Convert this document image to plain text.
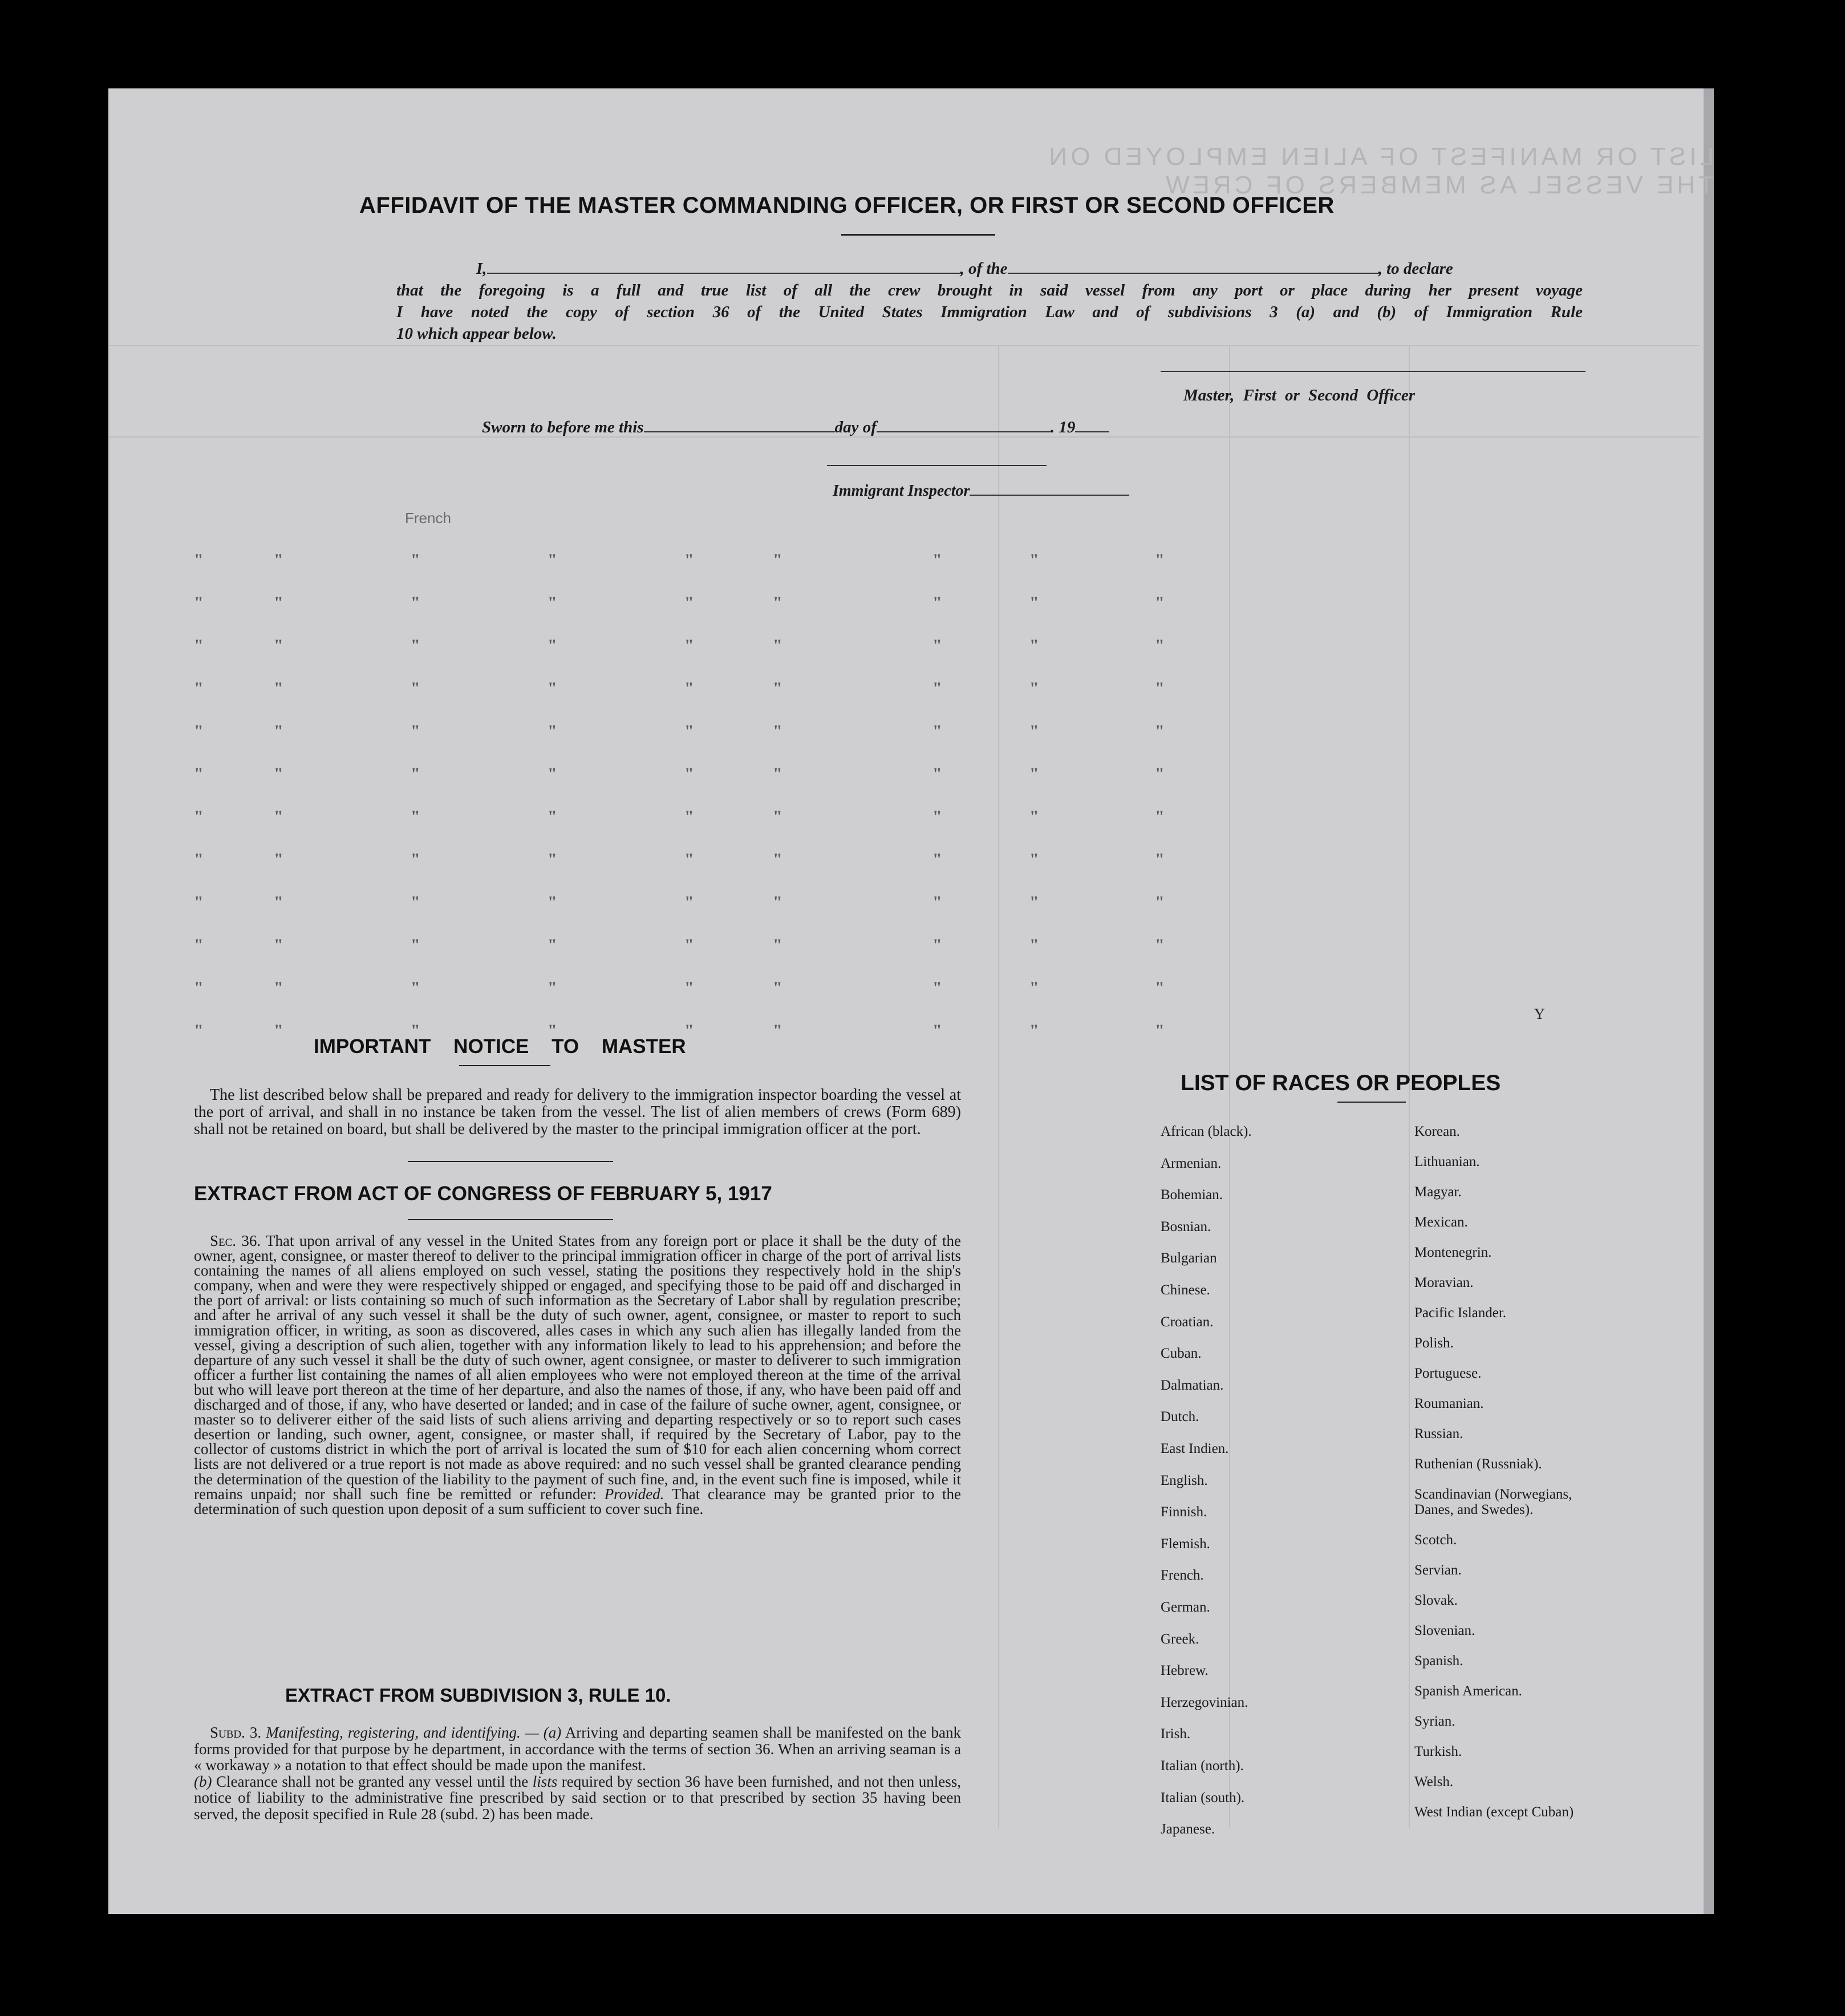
LIST OR MANIFEST OF ALIEN EMPLOYED ON THE VESSEL AS MEMBERS OF CREW
French
Y
"	"	"	"	"	"	"	"	"
"	"	"	"	"	"	"	"	"
"	"	"	"	"	"	"	"	"
"	"	"	"	"	"	"	"	"
"	"	"	"	"	"	"	"	"
"	"	"	"	"	"	"	"	"
"	"	"	"	"	"	"	"	"
"	"	"	"	"	"	"	"	"
"	"	"	"	"	"	"	"	"
"	"	"	"	"	"	"	"	"
"	"	"	"	"	"	"	"	"
"	"	"	"	"	"	"	"	"
AFFIDAVIT OF THE MASTER COMMANDING OFFICER, OR FIRST OR SECOND OFFICER
I,	, of the	, to declare
that the foregoing is a full and true list of all the crew brought in said vessel from any port or place during her present voyage
I have noted the copy of section 36 of the United States Immigration Law and of subdivisions 3 (a) and (b) of Immigration Rule
10 which appear below.
Master, First or Second Officer
Sworn to before me this	day of	. 19
Immigrant Inspector
IMPORTANT NOTICE TO MASTER
The list described below shall be prepared and ready for delivery to the immigration inspector boarding the vessel at the port of arrival, and shall in no instance be taken from the vessel. The list of alien members of crews (Form 689) shall not be retained on board, but shall be delivered by the master to the principal immigration officer at the port.
EXTRACT FROM ACT OF CONGRESS OF FEBRUARY 5, 1917
Sec. 36. That upon arrival of any vessel in the United States from any foreign port or place it shall be the duty of the owner, agent, consignee, or master thereof to deliver to the principal immigration officer in charge of the port of arrival lists containing the names of all aliens employed on such vessel, stating the positions they respectively hold in the ship's company, when and were they were respectively shipped or engaged, and specifying those to be paid off and discharged in the port of arrival: or lists containing so much of such information as the Secretary of Labor shall by regulation prescribe; and after he arrival of any such vessel it shall be the duty of such owner, agent, consignee, or master to report to such immigration officer, in writing, as soon as discovered, alles cases in which any such alien has illegally landed from the vessel, giving a description of such alien, together with any information likely to lead to his apprehension; and before the departure of any such vessel it shall be the duty of such owner, agent consignee, or master to deliverer to such immigration officer a further list containing the names of all alien employees who were not employed thereon at the time of the arrival but who will leave port thereon at the time of her departure, and also the names of those, if any, who have been paid off and discharged and of those, if any, who have deserted or landed; and in case of the failure of suche owner, agent, consignee, or master so to deliverer either of the said lists of such aliens arriving and departing respectively or so to report such cases desertion or landing, such owner, agent, consignee, or master shall, if required by the Secretary of Labor, pay to the collector of customs district in which the port of arrival is located the sum of $10 for each alien concerning whom correct lists are not delivered or a true report is not made as above required: and no such vessel shall be granted clearance pending the determination of the question of the liability to the payment of such fine, and, in the event such fine is imposed, while it remains unpaid; nor shall such fine be remitted or refunder: Provided. That clearance may be granted prior to the determination of such question upon deposit of a sum sufficient to cover such fine.
EXTRACT FROM SUBDIVISION 3, RULE 10.
Subd. 3. Manifesting, registering, and identifying. — (a) Arriving and departing seamen shall be manifested on the bank forms provided for that purpose by he department, in accordance with the terms of section 36. When an arriving seaman is a « workaway » a notation to that effect should be made upon the manifest.
(b) Clearance shall not be granted any vessel until the lists required by section 36 have been furnished, and not then unless, notice of liability to the administrative fine prescribed by said section or to that prescribed by section 35 having been served, the deposit specified in Rule 28 (subd. 2) has been made.
LIST OF RACES OR PEOPLES
African (black).
Armenian.
Bohemian.
Bosnian.
Bulgarian
Chinese.
Croatian.
Cuban.
Dalmatian.
Dutch.
East Indien.
English.
Finnish.
Flemish.
French.
German.
Greek.
Hebrew.
Herzegovinian.
Irish.
Italian (north).
Italian (south).
Japanese.
Korean.
Lithuanian.
Magyar.
Mexican.
Montenegrin.
Moravian.
Pacific Islander.
Polish.
Portuguese.
Roumanian.
Russian.
Ruthenian (Russniak).
Scandinavian (Norwegians,
Danes, and Swedes).
Scotch.
Servian.
Slovak.
Slovenian.
Spanish.
Spanish American.
Syrian.
Turkish.
Welsh.
West Indian (except Cuban)
